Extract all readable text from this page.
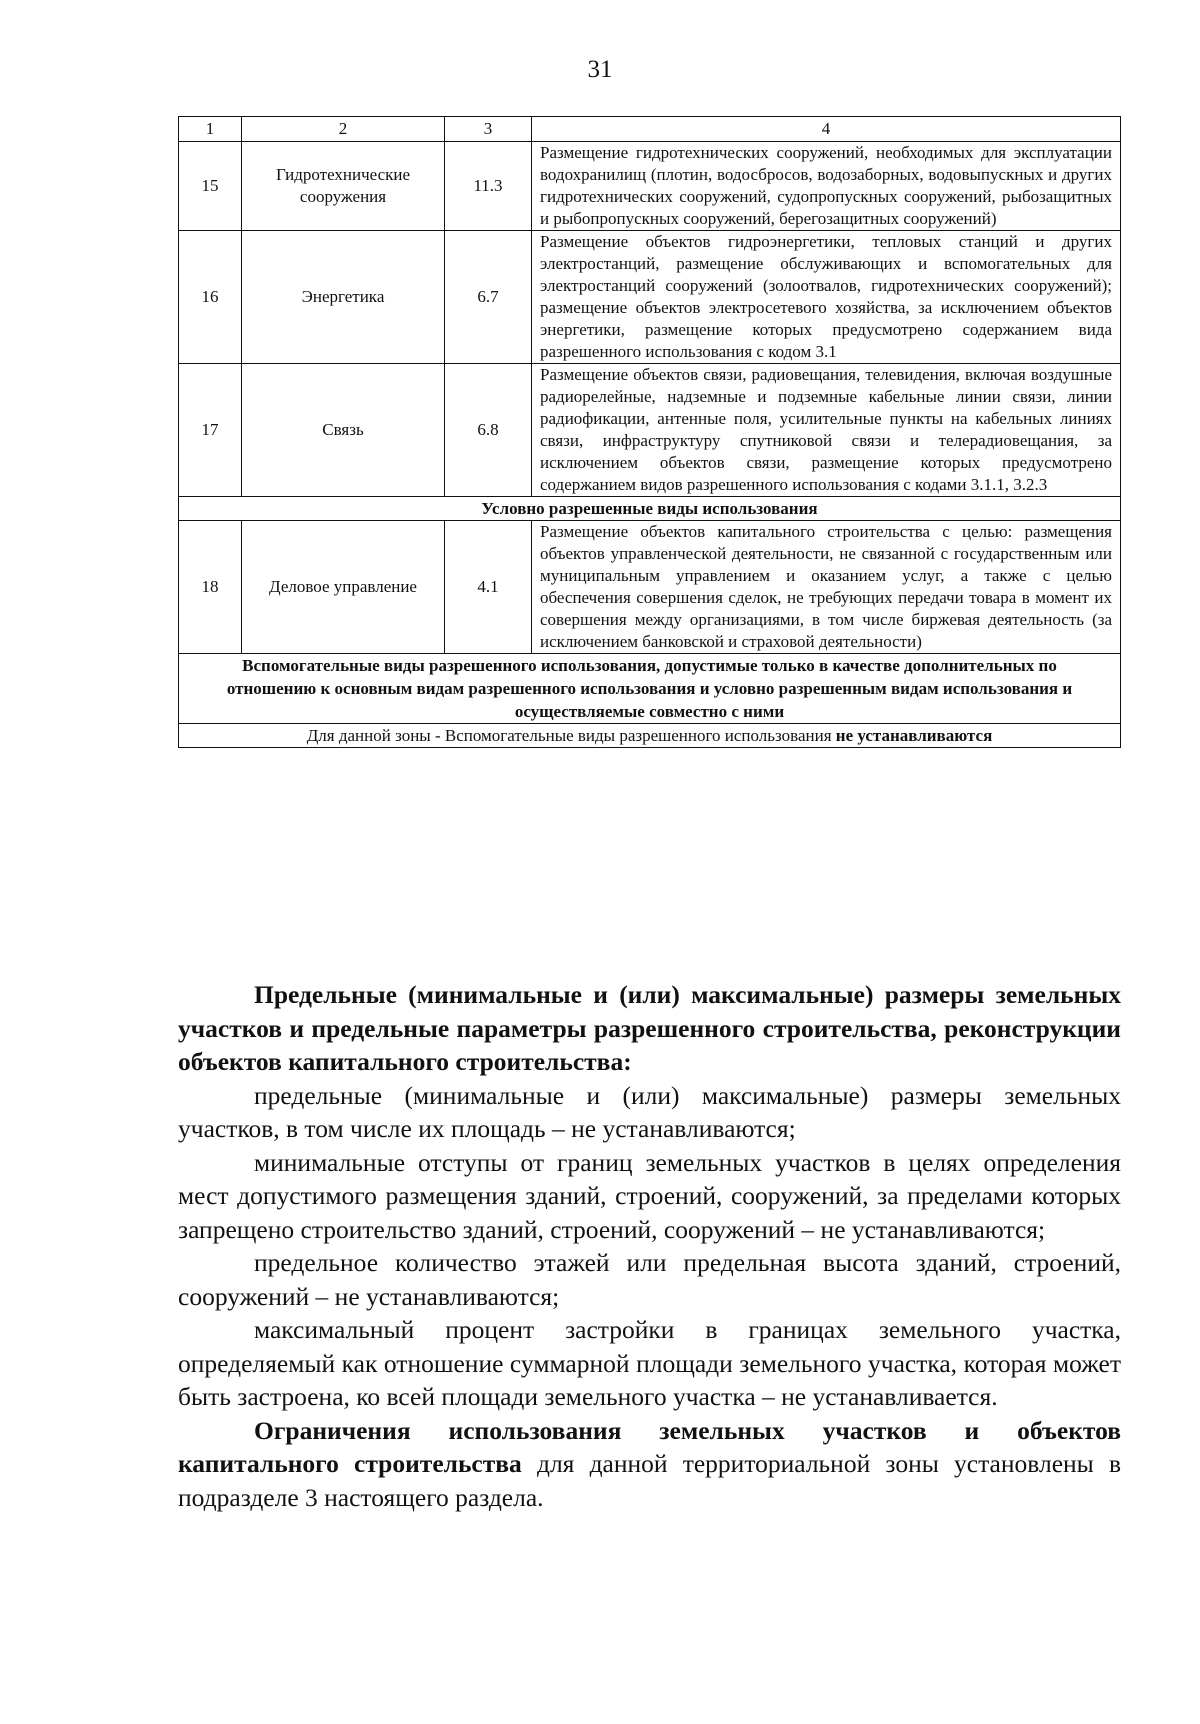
31
1	2	3	4
15	Гидротехнические сооружения	11.3	Размещение гидротехнических сооружений, необходимых для эксплуатации водохранилищ (плотин, водосбросов, водозаборных, водовыпускных и других гидротехнических сооружений, судопропускных сооружений, рыбозащитных и рыбопропускных сооружений, берегозащитных сооружений)
16	Энергетика	6.7	Размещение объектов гидроэнергетики, тепловых станций и других электростанций, размещение обслуживающих и вспомогательных для электростанций сооружений (золоотвалов, гидротехнических сооружений); размещение объектов электросетевого хозяйства, за исключением объектов энергетики, размещение которых предусмотрено содержанием вида разрешенного использования с кодом 3.1
17	Связь	6.8	Размещение объектов связи, радиовещания, телевидения, включая воздушные радиорелейные, надземные и подземные кабельные линии связи, линии радиофикации, антенные поля, усилительные пункты на кабельных линиях связи, инфраструктуру спутниковой связи и телерадиовещания, за исключением объектов связи, размещение которых предусмотрено содержанием видов разрешенного использования с кодами 3.1.1, 3.2.3
Условно разрешенные виды использования			
18	Деловое управление	4.1	Размещение объектов капитального строительства с целью: размещения объектов управленческой деятельности, не связанной с государственным или муниципальным управлением и оказанием услуг, а также с целью обеспечения совершения сделок, не требующих передачи товара в момент их совершения между организациями, в том числе биржевая деятельность (за исключением банковской и страховой деятельности)
Вспомогательные виды разрешенного использования, допустимые только в качестве дополнительных по отношению к основным видам разрешенного использования и условно разрешенным видам использования и осуществляемые совместно с ними			
Для данной зоны - Вспомогательные виды разрешенного использования не устанавливаются			

Предельные (минимальные и (или) максимальные) размеры земельных участков и предельные параметры разрешенного строительства, реконструкции объектов капитального строительства:

предельные (минимальные и (или) максимальные) размеры земельных участков, в том числе их площадь – не устанавливаются;

минимальные отступы от границ земельных участков в целях определения мест допустимого размещения зданий, строений, сооружений, за пределами которых запрещено строительство зданий, строений, сооружений – не устанавливаются;

предельное количество этажей или предельная высота зданий, строений, сооружений – не устанавливаются;

максимальный процент застройки в границах земельного участка, определяемый как отношение суммарной площади земельного участка, которая может быть застроена, ко всей площади земельного участка – не устанавливается.

Ограничения использования земельных участков и объектов капитального строительства для данной территориальной зоны установлены в подразделе 3 настоящего раздела.
